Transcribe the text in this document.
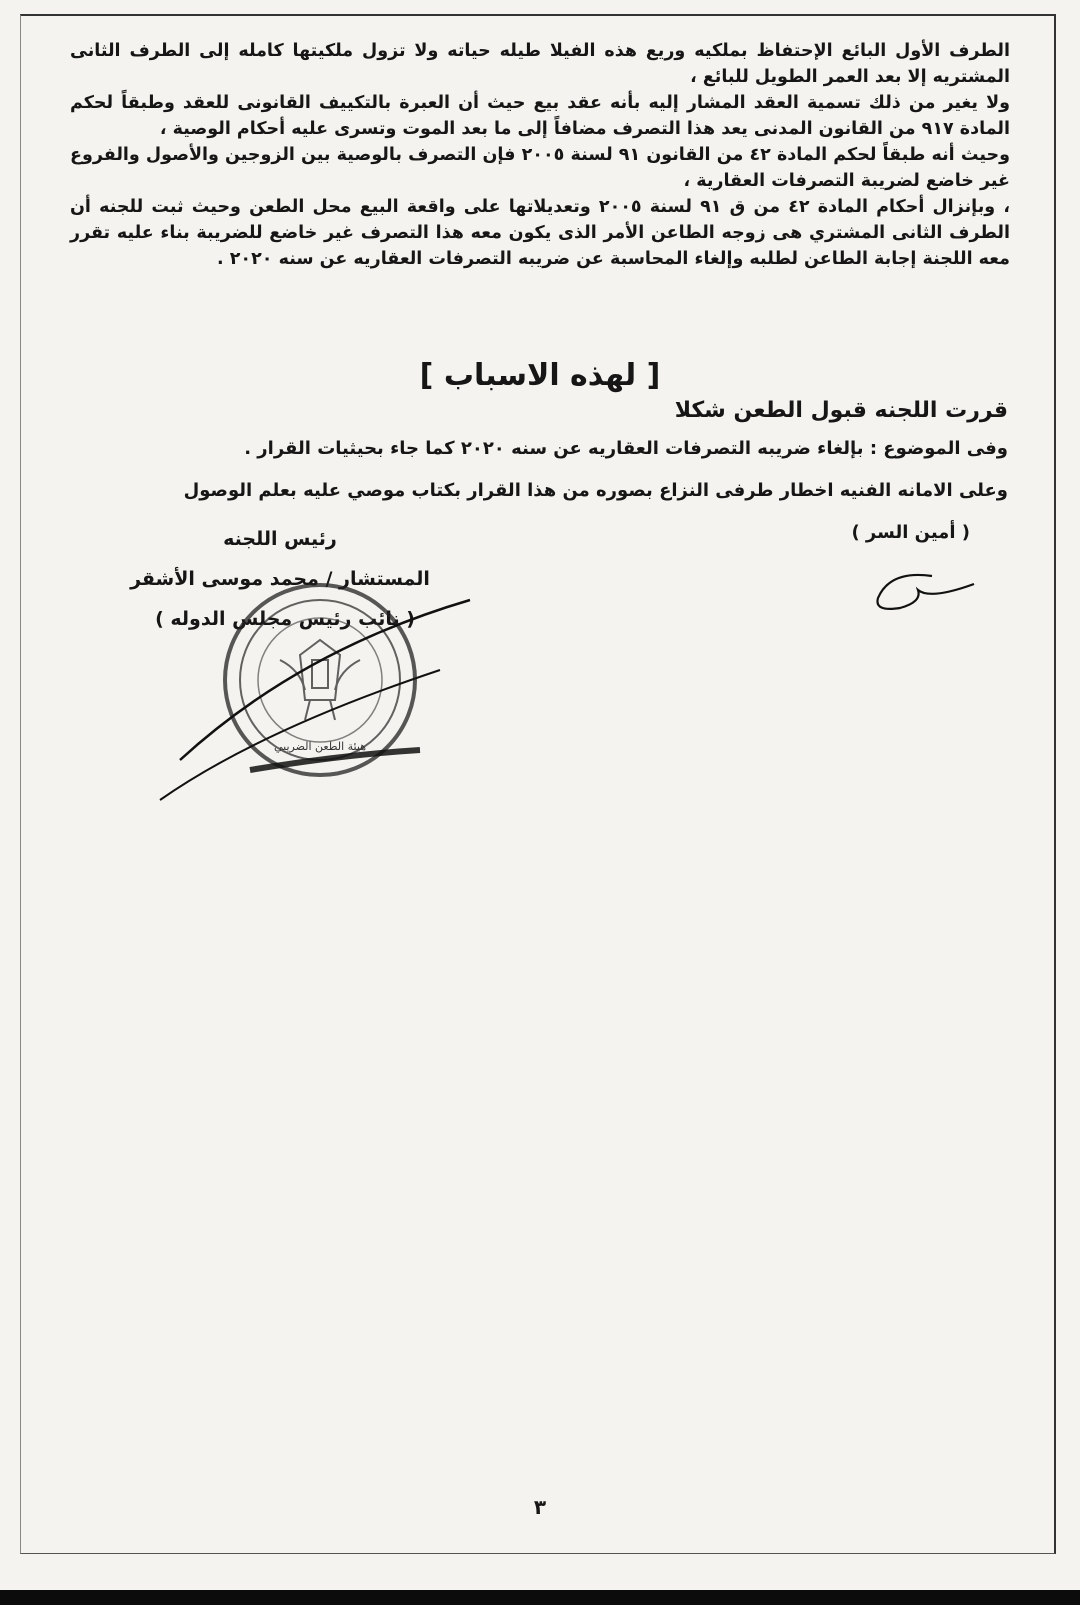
الطرف الأول البائع الإحتفاظ بملكيه وريع هذه الفيلا طيله حياته ولا تزول ملكيتها كامله إلى الطرف الثانى المشتريه إلا بعد العمر الطويل للبائع ،

ولا يغير من ذلك تسمية العقد المشار إليه بأنه عقد بيع حيث أن العبرة بالتكييف القانونى للعقد وطبقاً لحكم المادة ٩١٧ من القانون المدنى يعد هذا التصرف مضافاً إلى ما بعد الموت وتسرى عليه أحكام الوصية ،

وحيث أنه طبقاً لحكم المادة ٤٢ من القانون ٩١ لسنة ٢٠٠٥ فإن التصرف بالوصية بين الزوجين والأصول والفروع غير خاضع لضريبة التصرفات العقارية ،

، وبإنزال أحكام المادة ٤٢ من ق ٩١ لسنة ٢٠٠٥ وتعديلاتها على واقعة البيع محل الطعن وحيث ثبت للجنه أن الطرف الثانى المشتري هى زوجه الطاعن الأمر الذى يكون معه هذا التصرف غير خاضع للضريبة بناء عليه تقرر معه اللجنة إجابة الطاعن لطلبه وإلغاء المحاسبة عن ضريبه التصرفات العقاريه عن سنه ٢٠٢٠ .

[ لهذه الاسباب ]
قررت اللجنه قبول الطعن شكلا
وفى الموضوع : بإلغاء ضريبه التصرفات العقاريه عن سنه ٢٠٢٠ كما جاء بحيثيات القرار .
وعلى الامانه الفنيه اخطار طرفى النزاع بصوره من هذا القرار بكتاب موصي عليه بعلم الوصول
( أمين السر )
رئيس اللجنه
المستشار / محمد موسى الأشقر
( نائب رئيس مجلس الدوله )
هيئة الطعن الضريبي
٣
